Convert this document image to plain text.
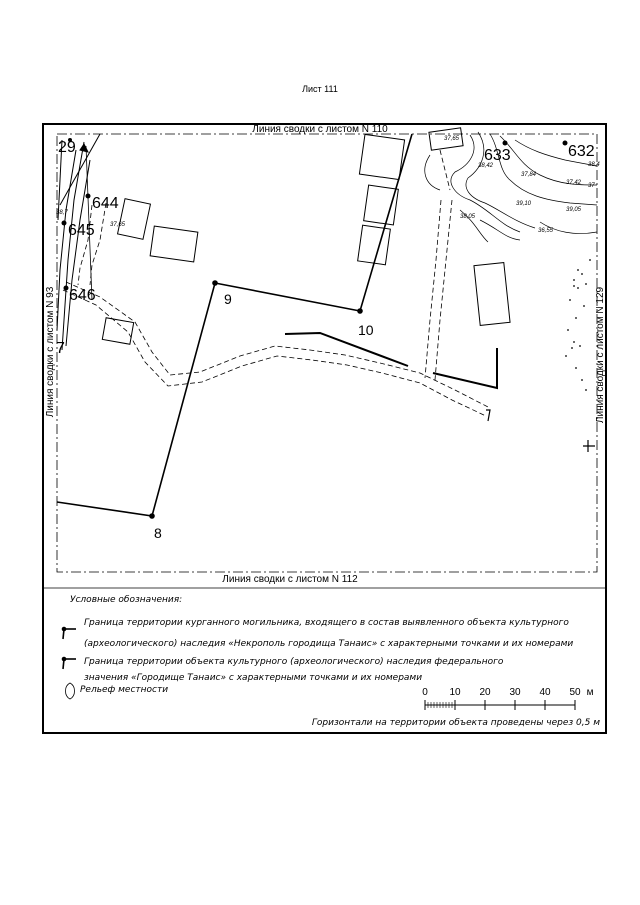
Лист 111
Линия сводки с листом N 110
Линия сводки с листом N 112
Линия сводки с листом N 93	Линия сводки с листом N 129
29
644
645
646
7
633	632
8
9
10
37,65
38,42
37,84
37,42
39,10
39,05
38,05
36,55
37,65
38,7
38,4
37
Условные обозначения:
Граница территории курганного могильника, входящего в состав выявленного объекта культурного
(археологического) наследия «Некрополь городища Танаис» с характерными точками и их номерами
Граница территории объекта культурного (археологического) наследия федерального
значения «Городище Танаис» с характерными точками и их номерами
Рельеф местности	0 10 20 30 40 50 м
Горизонтали на территории объекта проведены через 0,5 м
